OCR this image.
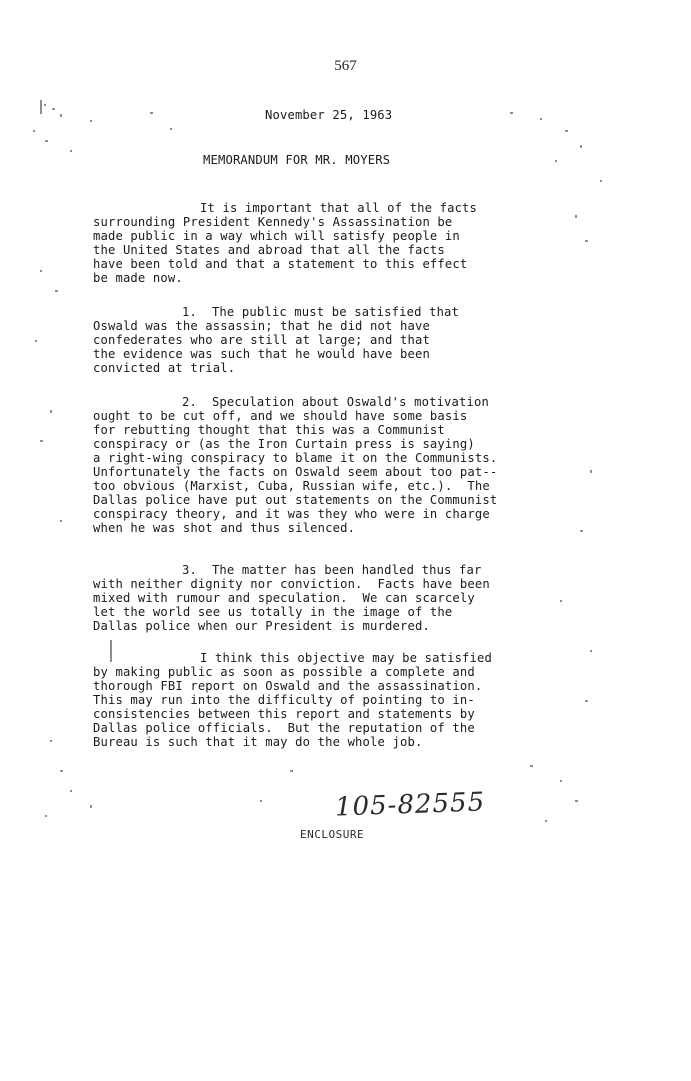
567
November 25, 1963
MEMORANDUM FOR MR. MOYERS
It is important that all of the facts
surrounding President Kennedy's Assassination be
made public in a way which will satisfy people in
the United States and abroad that all the facts
have been told and that a statement to this effect
be made now.
1.  The public must be satisfied that
Oswald was the assassin; that he did not have
confederates who are still at large; and that
the evidence was such that he would have been
convicted at trial.
2.  Speculation about Oswald's motivation
ought to be cut off, and we should have some basis
for rebutting thought that this was a Communist
conspiracy or (as the Iron Curtain press is saying)
a right-wing conspiracy to blame it on the Communists.
Unfortunately the facts on Oswald seem about too pat--
too obvious (Marxist, Cuba, Russian wife, etc.).  The
Dallas police have put out statements on the Communist
conspiracy theory, and it was they who were in charge
when he was shot and thus silenced.
3.  The matter has been handled thus far
with neither dignity nor conviction.  Facts have been
mixed with rumour and speculation.  We can scarcely
let the world see us totally in the image of the
Dallas police when our President is murdered.
I think this objective may be satisfied
by making public as soon as possible a complete and
thorough FBI report on Oswald and the assassination.
This may run into the difficulty of pointing to in-
consistencies between this report and statements by
Dallas police officials.  But the reputation of the
Bureau is such that it may do the whole job.
105-82555
ENCLOSURE
